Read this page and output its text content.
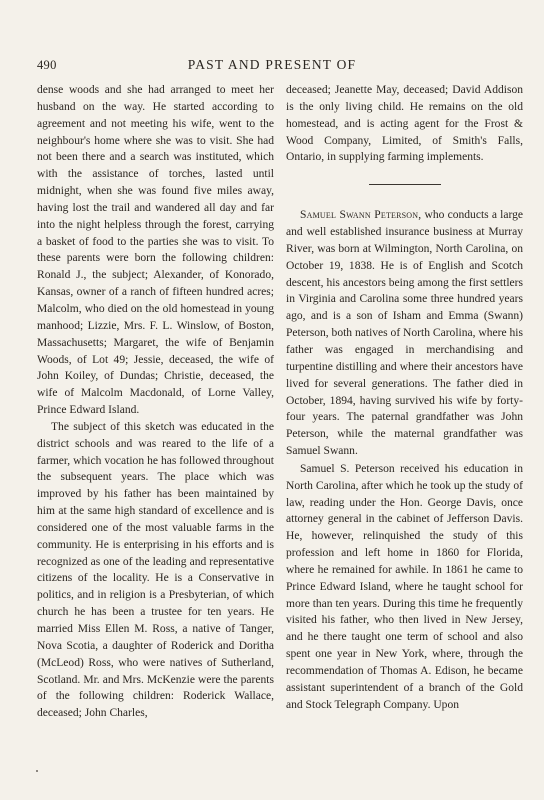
490	PAST AND PRESENT OF

dense woods and she had arranged to meet her husband on the way. He started according to agreement and not meeting his wife, went to the neighbour's home where she was to visit. She had not been there and a search was instituted, which with the assistance of torches, lasted until midnight, when she was found five miles away, having lost the trail and wandered all day and far into the night helpless through the forest, carrying a basket of food to the parties she was to visit. To these parents were born the following children: Ronald J., the subject; Alexander, of Konorado, Kansas, owner of a ranch of fifteen hundred acres; Malcolm, who died on the old homestead in young manhood; Lizzie, Mrs. F. L. Winslow, of Boston, Massachusetts; Margaret, the wife of Benjamin Woods, of Lot 49; Jessie, deceased, the wife of John Koiley, of Dundas; Christie, deceased, the wife of Malcolm Macdonald, of Lorne Valley, Prince Edward Island.

The subject of this sketch was educated in the district schools and was reared to the life of a farmer, which vocation he has followed throughout the subsequent years. The place which was improved by his father has been maintained by him at the same high standard of excellence and is considered one of the most valuable farms in the community. He is enterprising in his efforts and is recognized as one of the leading and representative citizens of the locality. He is a Conservative in politics, and in religion is a Presbyterian, of which church he has been a trustee for ten years. He married Miss Ellen M. Ross, a native of Tanger, Nova Scotia, a daughter of Roderick and Doritha (McLeod) Ross, who were natives of Sutherland, Scotland. Mr. and Mrs. McKenzie were the parents of the following children: Roderick Wallace, deceased; John Charles,

deceased; Jeanette May, deceased; David Addison is the only living child. He remains on the old homestead, and is acting agent for the Frost & Wood Company, Limited, of Smith's Falls, Ontario, in supplying farming implements.

Samuel Swann Peterson, who conducts a large and well established insurance business at Murray River, was born at Wilmington, North Carolina, on October 19, 1838. He is of English and Scotch descent, his ancestors being among the first settlers in Virginia and Carolina some three hundred years ago, and is a son of Isham and Emma (Swann) Peterson, both natives of North Carolina, where his father was engaged in merchandising and turpentine distilling and where their ancestors have lived for several generations. The father died in October, 1894, having survived his wife by forty-four years. The paternal grandfather was John Peterson, while the maternal grandfather was Samuel Swann.

Samuel S. Peterson received his education in North Carolina, after which he took up the study of law, reading under the Hon. George Davis, once attorney general in the cabinet of Jefferson Davis. He, however, relinquished the study of this profession and left home in 1860 for Florida, where he remained for awhile. In 1861 he came to Prince Edward Island, where he taught school for more than ten years. During this time he frequently visited his father, who then lived in New Jersey, and he there taught one term of school and also spent one year in New York, where, through the recommendation of Thomas A. Edison, he became assistant superintendent of a branch of the Gold and Stock Telegraph Company. Upon
